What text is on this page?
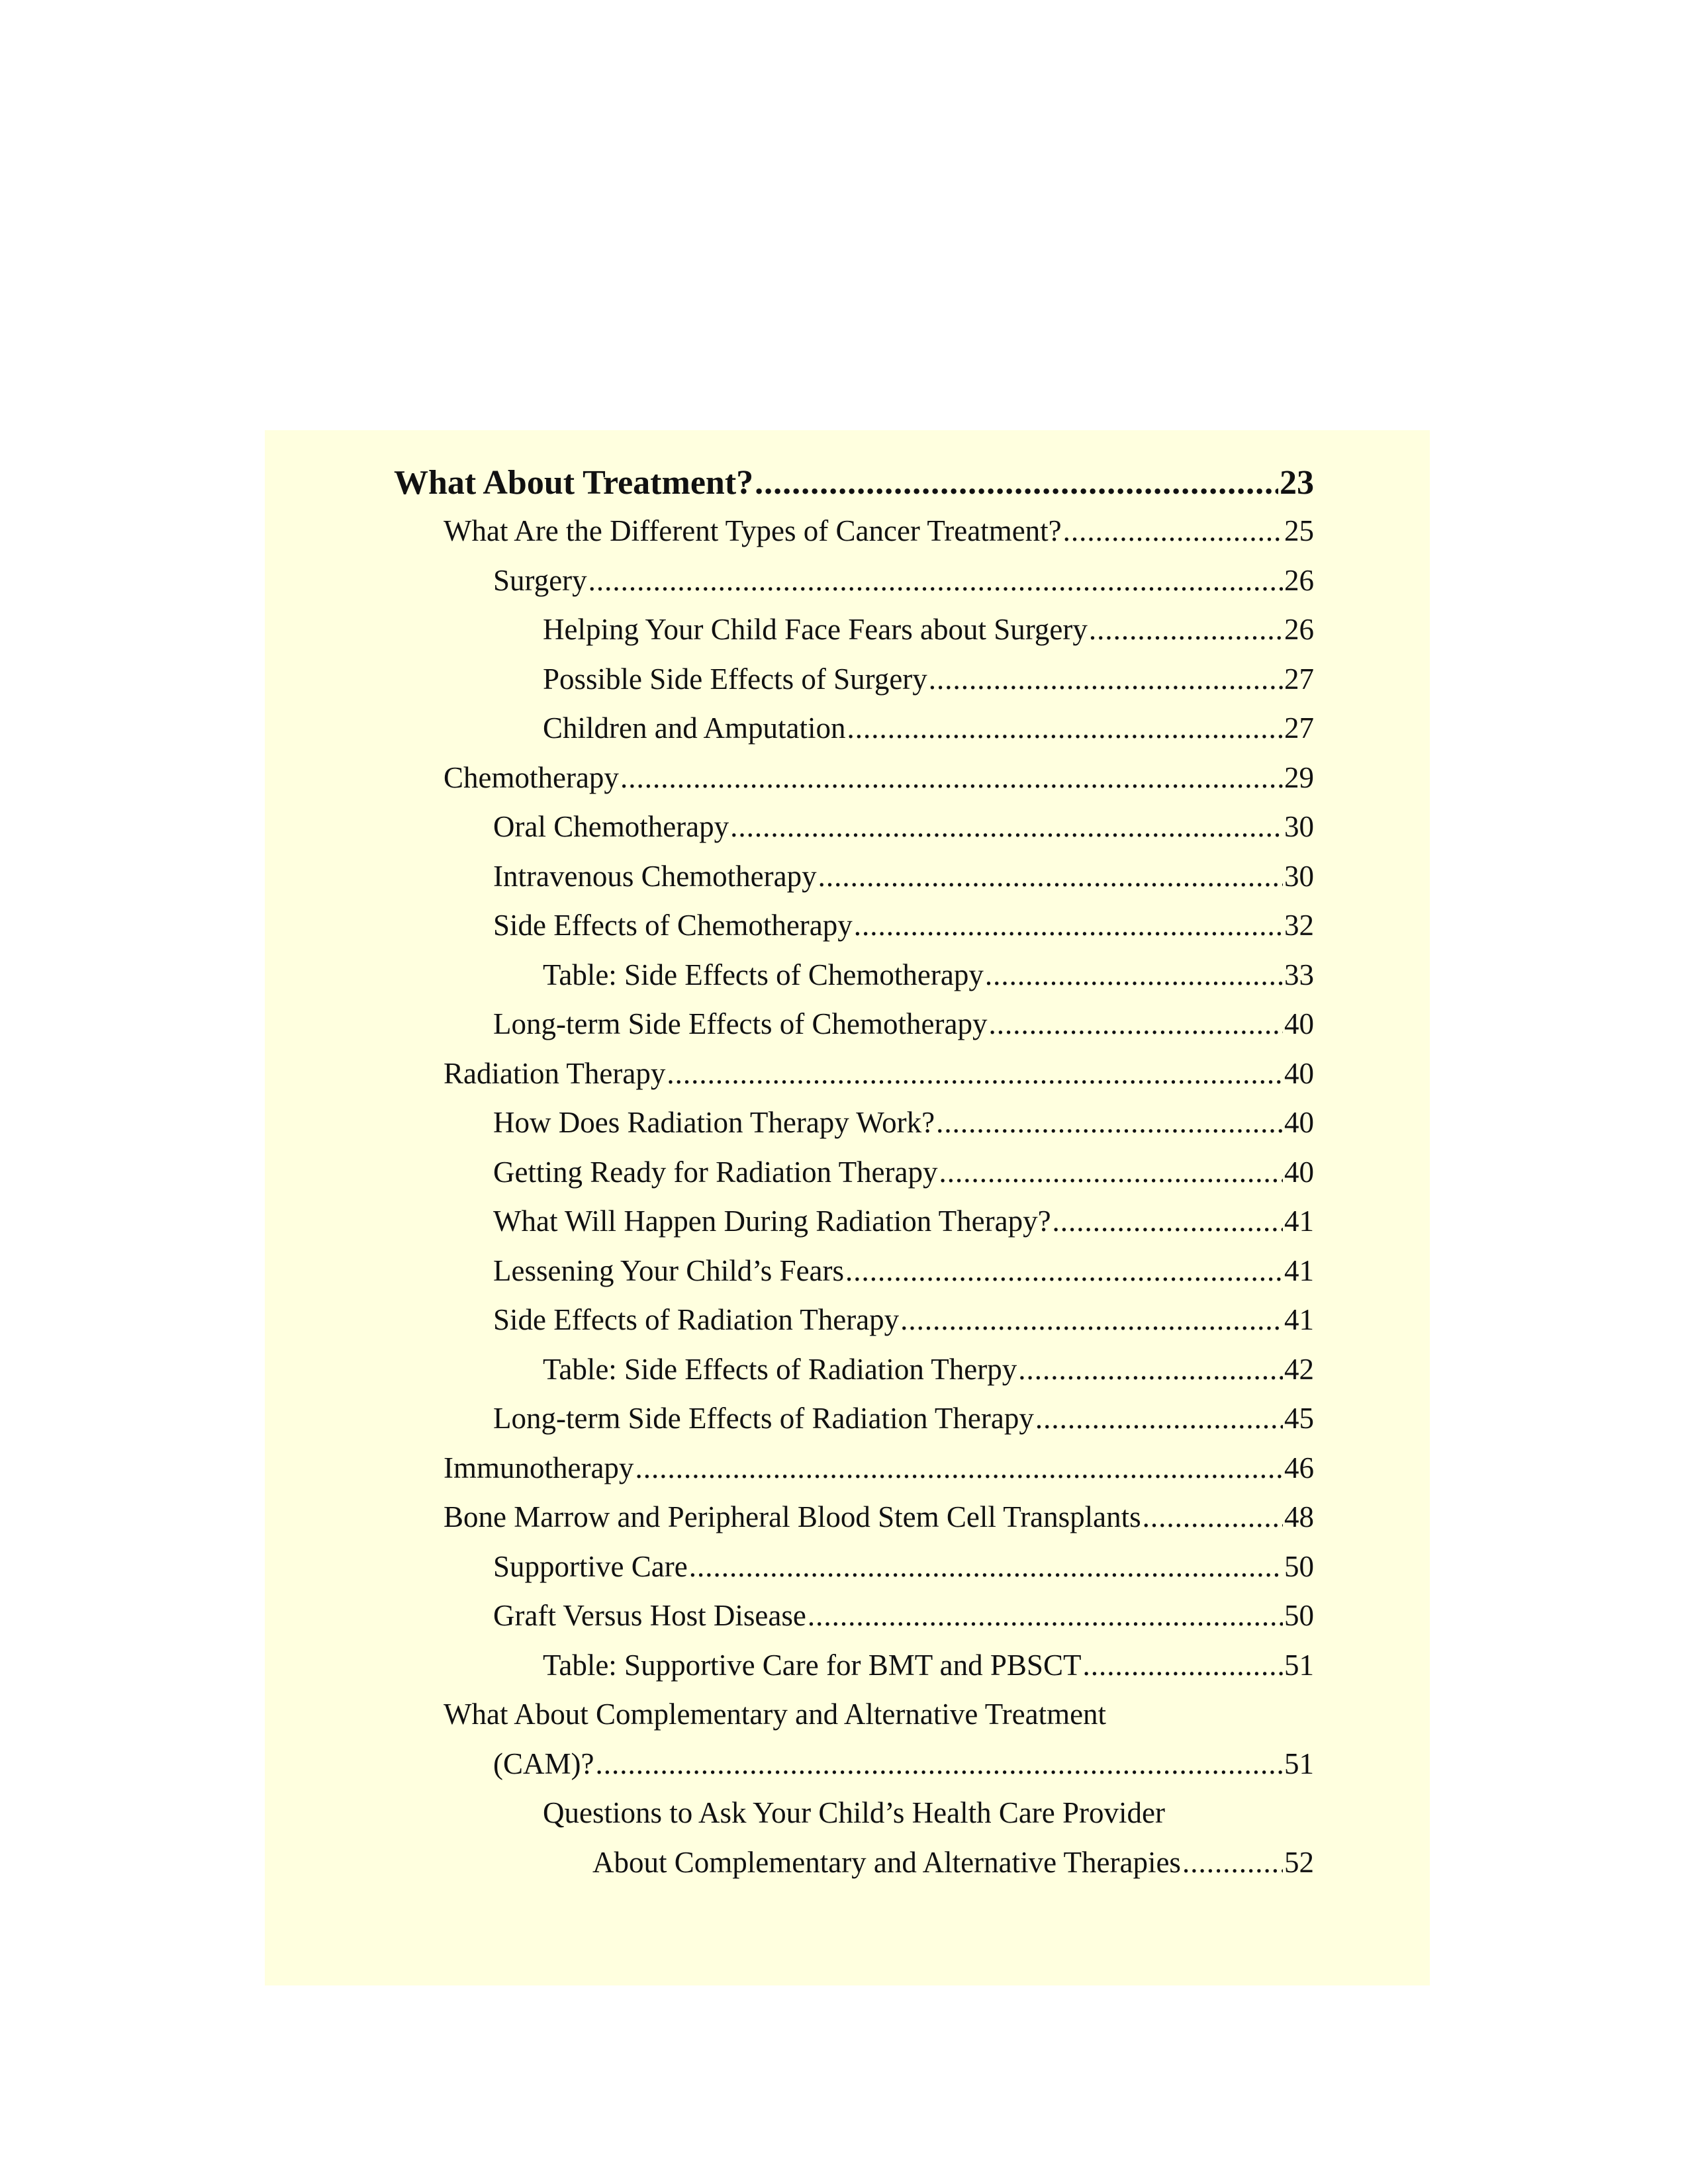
What About Treatment? .....	23
What Are the Different Types of Cancer Treatment? .....	25
Surgery .....	26
Helping Your Child Face Fears about Surgery .....	26
Possible Side Effects of Surgery .....	27
Children and Amputation .....	27
Chemotherapy .....	29
Oral Chemotherapy .....	30
Intravenous Chemotherapy .....	30
Side Effects of Chemotherapy .....	32
Table: Side Effects of Chemotherapy .....	33
Long-term Side Effects of Chemotherapy .....	40
Radiation Therapy .....	40
How Does Radiation Therapy Work? .....	40
Getting Ready for Radiation Therapy .....	40
What Will Happen During Radiation Therapy? .....	41
Lessening Your Child’s Fears .....	41
Side Effects of Radiation Therapy .....	41
Table: Side Effects of Radiation Therpy .....	42
Long-term Side Effects of Radiation Therapy .....	45
Immunotherapy .....	46
Bone Marrow and Peripheral Blood Stem Cell Transplants .....	48
Supportive Care .....	50
Graft Versus Host Disease .....	50
Table: Supportive Care for BMT and PBSCT .....	51
What About Complementary and Alternative Treatment
(CAM)? .....	51
Questions to Ask Your Child’s Health Care Provider
About Complementary and Alternative Therapies .....	52
